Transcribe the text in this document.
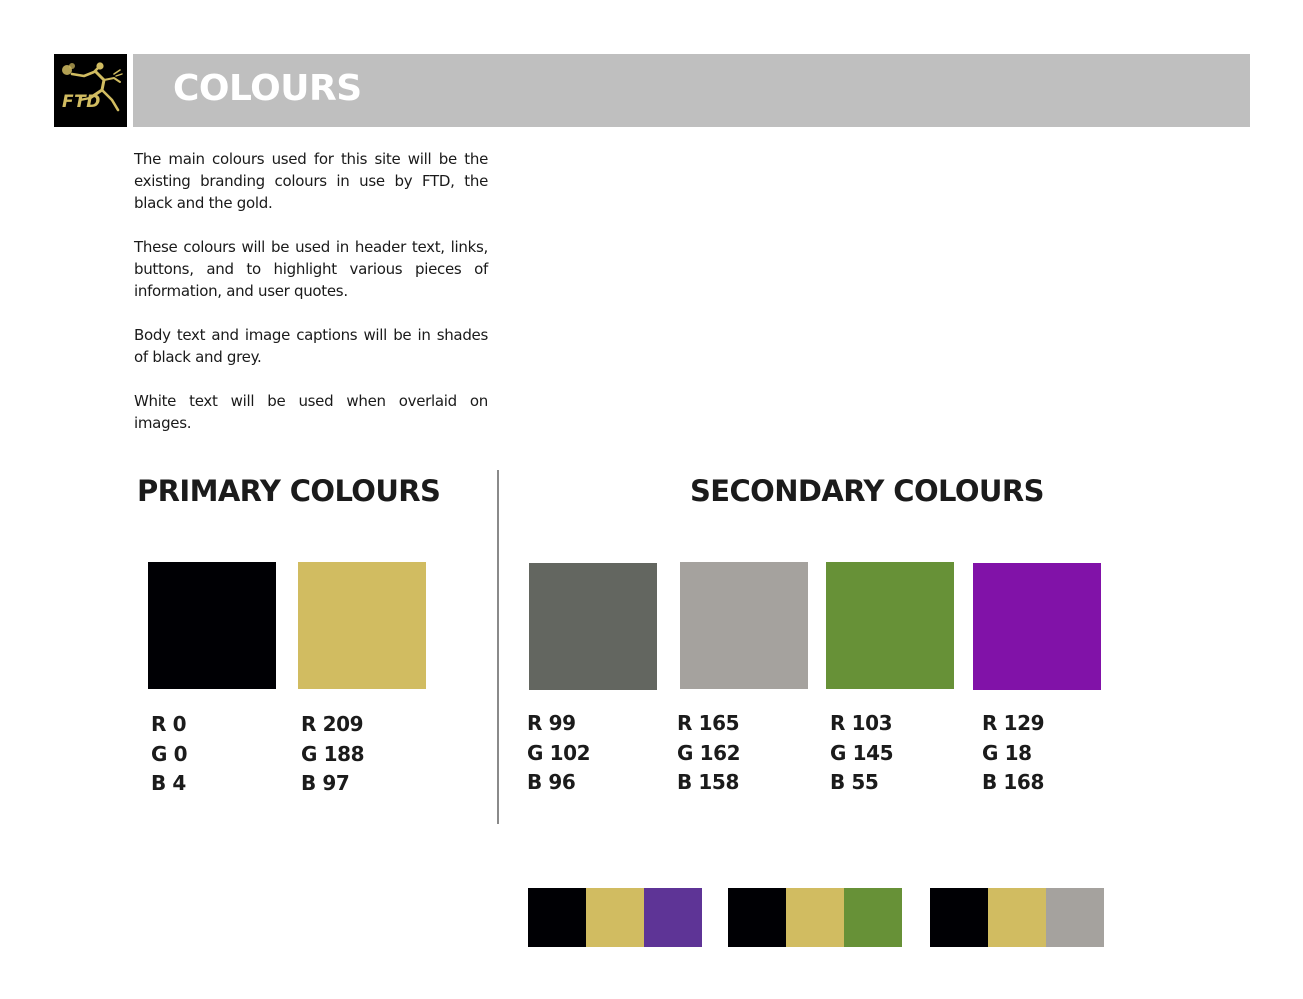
FTD COLOURS

The main colours used for this site will be the existing branding colours in use by FTD, the black and the gold.

These colours will be used in header text, links, buttons, and to highlight various pieces of information, and user quotes.

Body text and image captions will be in shades of black and grey.

White text will be used when overlaid on images.

PRIMARY COLOURS	SECONDARY COLOURS
R 0
G 0
B 4
R 209
G 188
B 97
R 99
G 102
B 96
R 165
G 162
B 158
R 103
G 145
B 55
R 129
G 18
B 168
